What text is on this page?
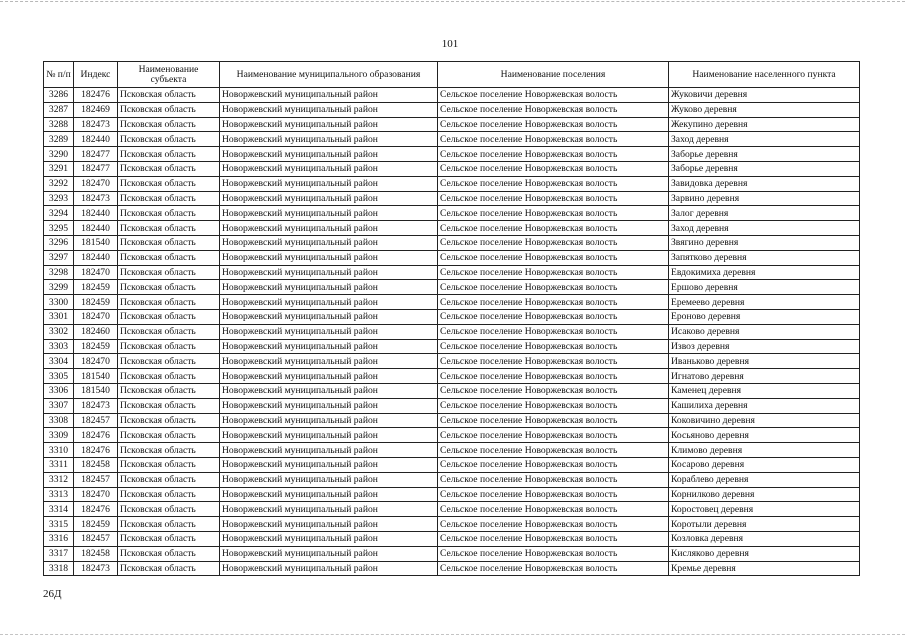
101
№ п/п	Индекс	Наименование субъекта	Наименование муниципального образования	Наименование поселения	Наименование населенного пункта
3286	182476	Псковская область	Новоржевский муниципальный район	Сельское поселение Новоржевская волость	Жуковичи деревня
3287	182469	Псковская область	Новоржевский муниципальный район	Сельское поселение Новоржевская волость	Жуково деревня
3288	182473	Псковская область	Новоржевский муниципальный район	Сельское поселение Новоржевская волость	Жекупино деревня
3289	182440	Псковская область	Новоржевский муниципальный район	Сельское поселение Новоржевская волость	Заход деревня
3290	182477	Псковская область	Новоржевский муниципальный район	Сельское поселение Новоржевская волость	Заборье деревня
3291	182477	Псковская область	Новоржевский муниципальный район	Сельское поселение Новоржевская волость	Заборье деревня
3292	182470	Псковская область	Новоржевский муниципальный район	Сельское поселение Новоржевская волость	Завидовка деревня
3293	182473	Псковская область	Новоржевский муниципальный район	Сельское поселение Новоржевская волость	Зарвино деревня
3294	182440	Псковская область	Новоржевский муниципальный район	Сельское поселение Новоржевская волость	Залог деревня
3295	182440	Псковская область	Новоржевский муниципальный район	Сельское поселение Новоржевская волость	Заход деревня
3296	181540	Псковская область	Новоржевский муниципальный район	Сельское поселение Новоржевская волость	Звягино деревня
3297	182440	Псковская область	Новоржевский муниципальный район	Сельское поселение Новоржевская волость	Запятково деревня
3298	182470	Псковская область	Новоржевский муниципальный район	Сельское поселение Новоржевская волость	Евдокимиха деревня
3299	182459	Псковская область	Новоржевский муниципальный район	Сельское поселение Новоржевская волость	Ершово деревня
3300	182459	Псковская область	Новоржевский муниципальный район	Сельское поселение Новоржевская волость	Еремеево деревня
3301	182470	Псковская область	Новоржевский муниципальный район	Сельское поселение Новоржевская волость	Ероново деревня
3302	182460	Псковская область	Новоржевский муниципальный район	Сельское поселение Новоржевская волость	Исаково деревня
3303	182459	Псковская область	Новоржевский муниципальный район	Сельское поселение Новоржевская волость	Извоз деревня
3304	182470	Псковская область	Новоржевский муниципальный район	Сельское поселение Новоржевская волость	Иваньково деревня
3305	181540	Псковская область	Новоржевский муниципальный район	Сельское поселение Новоржевская волость	Игнатово деревня
3306	181540	Псковская область	Новоржевский муниципальный район	Сельское поселение Новоржевская волость	Каменец деревня
3307	182473	Псковская область	Новоржевский муниципальный район	Сельское поселение Новоржевская волость	Кашилиха деревня
3308	182457	Псковская область	Новоржевский муниципальный район	Сельское поселение Новоржевская волость	Коковичино деревня
3309	182476	Псковская область	Новоржевский муниципальный район	Сельское поселение Новоржевская волость	Косьяново деревня
3310	182476	Псковская область	Новоржевский муниципальный район	Сельское поселение Новоржевская волость	Климово деревня
3311	182458	Псковская область	Новоржевский муниципальный район	Сельское поселение Новоржевская волость	Косарово деревня
3312	182457	Псковская область	Новоржевский муниципальный район	Сельское поселение Новоржевская волость	Кораблево деревня
3313	182470	Псковская область	Новоржевский муниципальный район	Сельское поселение Новоржевская волость	Корнилково деревня
3314	182476	Псковская область	Новоржевский муниципальный район	Сельское поселение Новоржевская волость	Коростовец деревня
3315	182459	Псковская область	Новоржевский муниципальный район	Сельское поселение Новоржевская волость	Коротыли деревня
3316	182457	Псковская область	Новоржевский муниципальный район	Сельское поселение Новоржевская волость	Козловка деревня
3317	182458	Псковская область	Новоржевский муниципальный район	Сельское поселение Новоржевская волость	Кисляково деревня
3318	182473	Псковская область	Новоржевский муниципальный район	Сельское поселение Новоржевская волость	Кремье деревня
26Д
